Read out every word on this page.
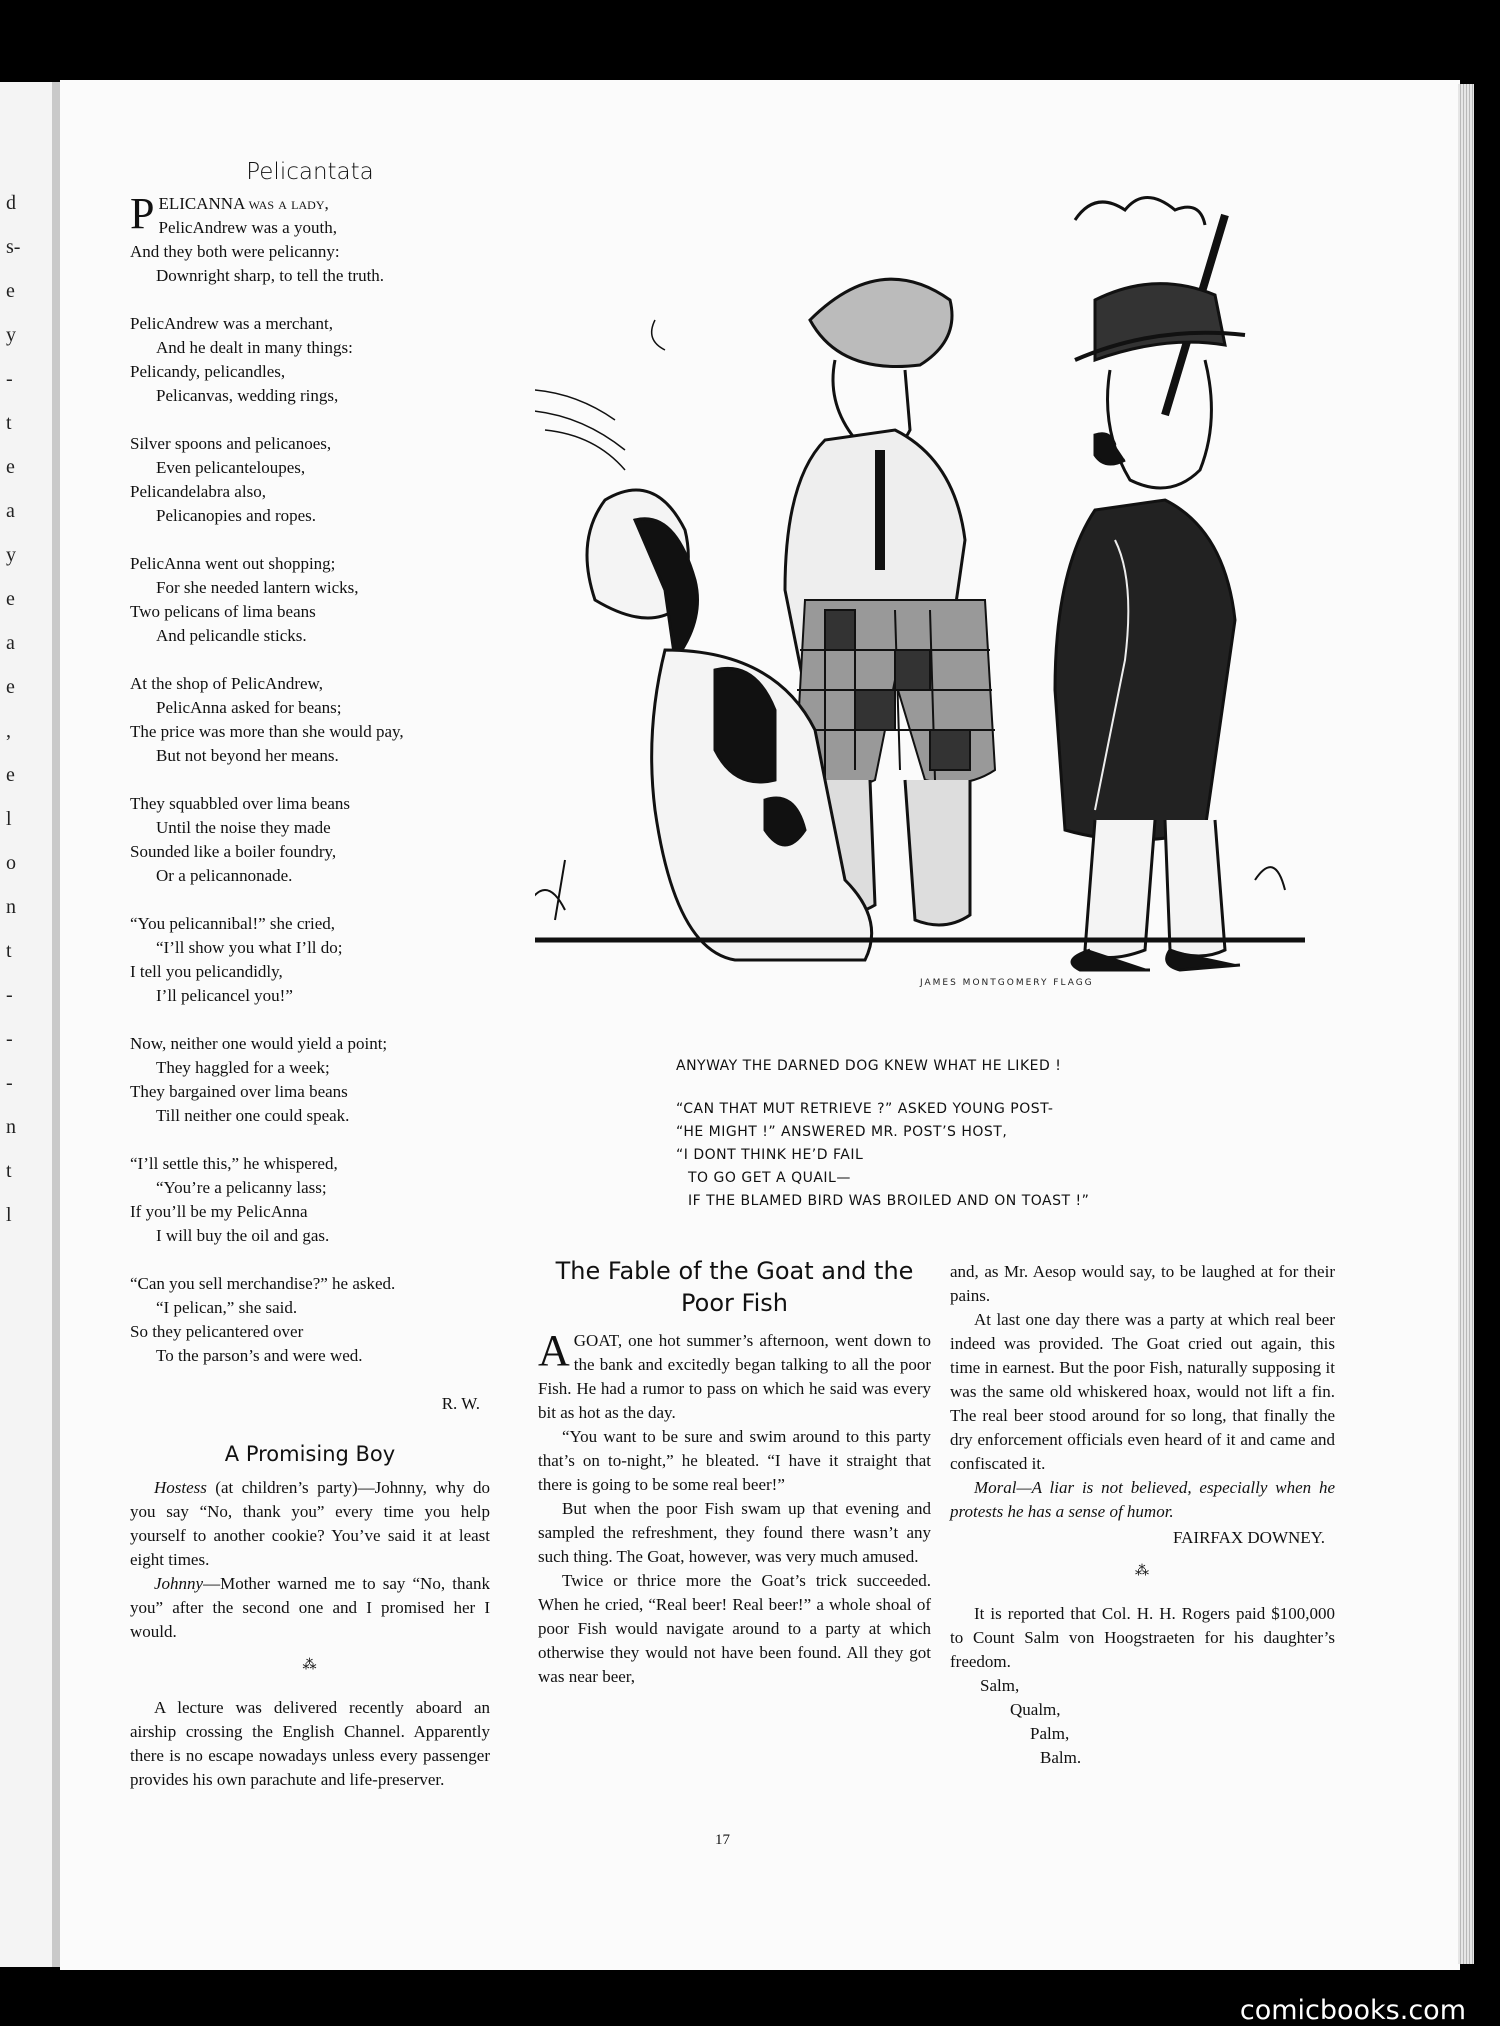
d
s-
e
y
-
t
e
a
y
e
a
e
,
e
l
o
n
t
-
-
-
n
t
l
Pelicantata
PELICANNA was a lady,
PelicAndrew was a youth,
And they both were pelicanny:
Downright sharp, to tell the truth.
PelicAndrew was a merchant,
And he dealt in many things:
Pelicandy, pelicandles,
Pelicanvas, wedding rings,
Silver spoons and pelicanoes,
Even pelicanteloupes,
Pelicandelabra also,
Pelicanopies and ropes.
PelicAnna went out shopping;
For she needed lantern wicks,
Two pelicans of lima beans
And pelicandle sticks.
At the shop of PelicAndrew,
PelicAnna asked for beans;
The price was more than she would pay,
But not beyond her means.
They squabbled over lima beans
Until the noise they made
Sounded like a boiler foundry,
Or a pelicannonade.
“You pelicannibal!” she cried,
“I’ll show you what I’ll do;
I tell you pelicandidly,
I’ll pelicancel you!”
Now, neither one would yield a point;
They haggled for a week;
They bargained over lima beans
Till neither one could speak.
“I’ll settle this,” he whispered,
“You’re a pelicanny lass;
If you’ll be my PelicAnna
I will buy the oil and gas.
“Can you sell merchandise?” he asked.
“I pelican,” she said.
So they pelicantered over
To the parson’s and were wed.
R. W.
A Promising Boy

Hostess (at children’s party)—Johnny, why do you say “No, thank you” every time you help yourself to another cookie? You’ve said it at least eight times.

Johnny—Mother warned me to say “No, thank you” after the second one and I promised her I would.

⁂

A lecture was delivered recently aboard an airship crossing the English Channel. Apparently there is no escape nowadays unless every passenger provides his own parachute and life-preserver.

JAMES MONTGOMERY FLAGG
ANYWAY THE DARNED DOG KNEW WHAT HE LIKED !
“CAN THAT MUT RETRIEVE ?” ASKED YOUNG POST-
“HE MIGHT !” ANSWERED MR. POST’S HOST,
“I DONT THINK HE’D FAIL
TO GO GET A QUAIL—
IF THE BLAMED BIRD WAS BROILED AND ON TOAST !”
The Fable of the Goat and the Poor Fish

A GOAT, one hot summer’s afternoon, went down to the bank and excitedly began talking to all the poor Fish. He had a rumor to pass on which he said was every bit as hot as the day.

“You want to be sure and swim around to this party that’s on to-night,” he bleated. “I have it straight that there is going to be some real beer!”

But when the poor Fish swam up that evening and sampled the refreshment, they found there wasn’t any such thing. The Goat, however, was very much amused.

Twice or thrice more the Goat’s trick succeeded. When he cried, “Real beer! Real beer!” a whole shoal of poor Fish would navigate around to a party at which otherwise they would not have been found. All they got was near beer,

and, as Mr. Aesop would say, to be laughed at for their pains.

At last one day there was a party at which real beer indeed was provided. The Goat cried out again, this time in earnest. But the poor Fish, naturally supposing it was the same old whiskered hoax, would not lift a fin. The real beer stood around for so long, that finally the dry enforcement officials even heard of it and came and confiscated it.

Moral—A liar is not believed, especially when he protests he has a sense of humor.

FAIRFAX DOWNEY.
⁂

It is reported that Col. H. H. Rogers paid $100,000 to Count Salm von Hoogstraeten for his daughter’s freedom.

Salm,
Qualm,
Palm,
Balm.
17
comicbooks.com
